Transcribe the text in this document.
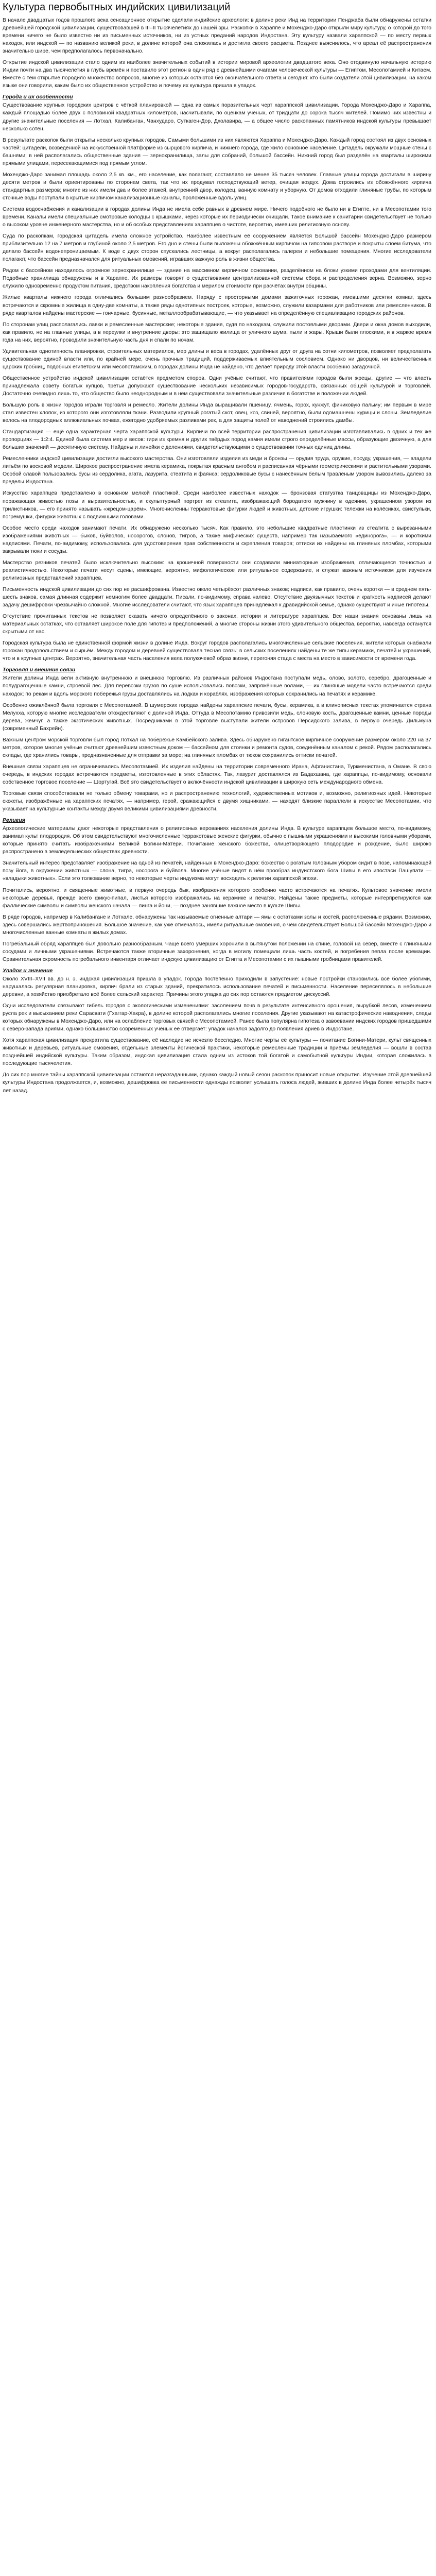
Культура первобытных индийских цивилизаций

В начале двадцатых годов прошлого века сенсационное открытие сделали индийские археологи: в долине реки Инд на территории Пенджаба были обнаружены остатки древнейшей городской цивилизации, существовавшей в III–II тысячелетиях до нашей эры. Раскопки в Хараппе и Мохенджо-Даро открыли миру культуру, о которой до того времени ничего не было известно ни из письменных источников, ни из устных преданий народов Индостана. Эту культуру назвали хараппской — по месту первых находок, или индской — по названию великой реки, в долине которой она сложилась и достигла своего расцвета. Позднее выяснилось, что ареал её распространения значительно шире, чем предполагалось первоначально.

Открытие индской цивилизации стало одним из наиболее значительных событий в истории мировой археологии двадцатого века. Оно отодвинуло начальную историю Индии почти на два тысячелетия в глубь времён и поставило этот регион в один ряд с древнейшими очагами человеческой культуры — Египтом, Месопотамией и Китаем. Вместе с тем открытие породило множество вопросов, многие из которых остаются без окончательного ответа и сегодня: кто были создатели этой цивилизации, на каком языке они говорили, каким было их общественное устройство и почему их культура пришла в упадок.

Города и их особенности

Существование крупных городских центров с чёткой планировкой — одна из самых поразительных черт хараппской цивилизации. Города Мохенджо-Даро и Хараппа, каждый площадью более двух с половиной квадратных километров, насчитывали, по оценкам учёных, от тридцати до сорока тысяч жителей. Помимо них известны и другие значительные поселения — Лотхал, Калибанган, Чанхударо, Суткаген-Дор, Дхолавира, — а общее число раскопанных памятников индской культуры превышает несколько сотен.

В результате раскопок были открыты несколько крупных городов. Самыми большими из них являются Хараппа и Мохенджо-Даро. Каждый город состоял из двух основных частей: цитадели, возведённой на искусственной платформе из сырцового кирпича, и нижнего города, где жило основное население. Цитадель окружали мощные стены с башнями; в ней располагались общественные здания — зернохранилища, залы для собраний, большой бассейн. Нижний город был разделён на кварталы широкими прямыми улицами, пересекающимися под прямым углом.

Мохенджо-Даро занимал площадь около 2,5 кв. км., его население, как полагают, составляло не менее 35 тысяч человек. Главные улицы города достигали в ширину десяти метров и были ориентированы по сторонам света, так что их продувал господствующий ветер, очищая воздух. Дома строились из обожжённого кирпича стандартных размеров; многие из них имели два и более этажей, внутренний двор, колодец, ванную комнату и уборную. От домов отходили глиняные трубы, по которым сточные воды поступали в крытые кирпичом канализационные каналы, проложенные вдоль улиц.

Система водоснабжения и канализации в городах долины Инда не имела себе равных в древнем мире. Ничего подобного не было ни в Египте, ни в Месопотамии того времени. Каналы имели специальные смотровые колодцы с крышками, через которые их периодически очищали. Такое внимание к санитарии свидетельствует не только о высоком уровне инженерного мастерства, но и об особых представлениях хараппцев о чистоте, вероятно, имевших религиозную основу.

Суда по раскопкам, городская цитадель имела сложное устройство. Наиболее известным её сооружением является Большой бассейн Мохенджо-Даро размером приблизительно 12 на 7 метров и глубиной около 2,5 метров. Его дно и стены были выложены обожжённым кирпичом на гипсовом растворе и покрыты слоем битума, что делало бассейн водонепроницаемым. К воде с двух сторон спускались лестницы, а вокруг располагались галереи и небольшие помещения. Многие исследователи полагают, что бассейн предназначался для ритуальных омовений, игравших важную роль в жизни общества.

Рядом с бассейном находилось огромное зернохранилище — здание на массивном кирпичном основании, разделённом на блоки узкими проходами для вентиляции. Подобные хранилища обнаружены и в Хараппе. Их размеры говорят о существовании централизованной системы сбора и распределения зерна. Возможно, зерно служило одновременно продуктом питания, средством накопления богатства и мерилом стоимости при расчётах внутри общины.

Жилые кварталы нижнего города отличались большим разнообразием. Наряду с просторными домами зажиточных горожан, имевшими десятки комнат, здесь встречаются и скромные жилища в одну-две комнаты, а также ряды однотипных построек, которые, возможно, служили казармами для работников или ремесленников. В ряде кварталов найдены мастерские — гончарные, бусинные, металлообрабатывающие, — что указывает на определённую специализацию городских районов.

По сторонам улиц располагались лавки и ремесленные мастерские; некоторые здания, судя по находкам, служили постоялыми дворами. Двери и окна домов выходили, как правило, не на главные улицы, а в переулки и внутренние дворы: это защищало жилища от уличного шума, пыли и жары. Крыши были плоскими, и в жаркое время года на них, вероятно, проводили значительную часть дня и спали по ночам.

Удивительная однотипность планировки, строительных материалов, мер длины и веса в городах, удалённых друг от друга на сотни километров, позволяет предполагать существование единой власти или, по крайней мере, очень прочных традиций, поддерживаемых влиятельным сословием. Однако ни дворцов, ни величественных царских гробниц, подобных египетским или месопотамским, в городах долины Инда не найдено, что делает природу этой власти особенно загадочной.

Общественное устройство индской цивилизации остаётся предметом споров. Одни учёные считают, что правителями городов были жрецы, другие — что власть принадлежала совету богатых купцов, третьи допускают существование нескольких независимых городов-государств, связанных общей культурой и торговлей. Достаточно очевидно лишь то, что общество было неоднородным и в нём существовали значительные различия в богатстве и положении людей.

Большую роль в жизни городов играли торговля и ремесло. Жители долины Инда выращивали пшеницу, ячмень, горох, кунжут, финиковую пальму; им первым в мире стал известен хлопок, из которого они изготовляли ткани. Разводили крупный рогатый скот, овец, коз, свиней, вероятно, были одомашнены курицы и слоны. Земледелие велось на плодородных аллювиальных почвах, ежегодно удобряемых разливами рек, а для защиты полей от наводнений строились дамбы.

Стандартизация — ещё одна характерная черта хараппской культуры. Кирпичи по всей территории распространения цивилизации изготавливались в одних и тех же пропорциях — 1:2:4. Единой была система мер и весов: гири из кремня и других твёрдых пород камня имели строго определённые массы, образующие двоичную, а для больших значений — десятичную систему. Найдены и линейки с делениями, свидетельствующими о существовании точных единиц длины.

Ремесленники индской цивилизации достигли высокого мастерства. Они изготовляли изделия из меди и бронзы — орудия труда, оружие, посуду, украшения, — владели литьём по восковой модели. Широкое распространение имела керамика, покрытая красным ангобом и расписанная чёрными геометрическими и растительными узорами. Особой славой пользовались бусы из сердолика, агата, лазурита, стеатита и фаянса; сердоликовые бусы с нанесённым белым травлёным узором вывозились далеко за пределы Индостана.

Искусство хараппцев представлено в основном мелкой пластикой. Среди наиболее известных находок — бронзовая статуэтка танцовщицы из Мохенджо-Даро, поражающая живостью позы и выразительностью, и скульптурный портрет из стеатита, изображающий бородатого мужчину в одеянии, украшенном узором из трилистников, — его принято называть «жрецом-царём». Многочисленны терракотовые фигурки людей и животных, детские игрушки: тележки на колёсиках, свистульки, погремушки, фигурки животных с подвижными головами.

Особое место среди находок занимают печати. Их обнаружено несколько тысяч. Как правило, это небольшие квадратные пластинки из стеатита с вырезанными изображениями животных — быков, буйволов, носорогов, слонов, тигров, а также мифических существ, например так называемого «единорога», — и короткими надписями. Печати, по-видимому, использовались для удостоверения прав собственности и скрепления товаров; оттиски их найдены на глиняных пломбах, которыми закрывали тюки и сосуды.

Мастерство резчиков печатей было исключительно высоким: на крошечной поверхности они создавали миниатюрные изображения, отличающиеся точностью и реалистичностью. Некоторые печати несут сцены, имеющие, вероятно, мифологическое или ритуальное содержание, и служат важным источником для изучения религиозных представлений хараппцев.

Письменность индской цивилизации до сих пор не расшифрована. Известно около четырёхсот различных знаков; надписи, как правило, очень коротки — в среднем пять-шесть знаков, самая длинная содержит немногим более двадцати. Писали, по-видимому, справа налево. Отсутствие двуязычных текстов и краткость надписей делают задачу дешифровки чрезвычайно сложной. Многие исследователи считают, что язык хараппцев принадлежал к дравидийской семье, однако существуют и иные гипотезы.

Отсутствие прочитанных текстов не позволяет сказать ничего определённого о законах, истории и литературе хараппцев. Все наши знания основаны лишь на материальных остатках, что оставляет широкое поле для гипотез и предположений, а многие стороны жизни этого удивительного общества, вероятно, навсегда останутся скрытыми от нас.

Городская культура была не единственной формой жизни в долине Инда. Вокруг городов располагались многочисленные сельские поселения, жители которых снабжали горожан продовольствием и сырьём. Между городом и деревней существовала тесная связь: в сельских поселениях найдены те же типы керамики, печатей и украшений, что и в крупных центрах. Вероятно, значительная часть населения вела полукочевой образ жизни, перегоняя стада с места на место в зависимости от времени года.

Торговля и внешние связи

Жители долины Инда вели активную внутреннюю и внешнюю торговлю. Из различных районов Индостана поступали медь, олово, золото, серебро, драгоценные и полудрагоценные камни, строевой лес. Для перевозки грузов по суше использовались повозки, запряжённые волами, — их глиняные модели часто встречаются среди находок; по рекам и вдоль морского побережья грузы доставлялись на лодках и кораблях, изображения которых сохранились на печатях и керамике.

Особенно оживлённой была торговля с Месопотамией. В шумерских городах найдены хараппские печати, бусы, керамика, а в клинописных текстах упоминается страна Мелухха, которую многие исследователи отождествляют с долиной Инда. Оттуда в Месопотамию привозили медь, слоновую кость, драгоценные камни, ценные породы дерева, жемчуг, а также экзотических животных. Посредниками в этой торговле выступали жители островов Персидского залива, в первую очередь Дильмуна (современный Бахрейн).

Важным центром морской торговли был город Лотхал на побережье Камбейского залива. Здесь обнаружено гигантское кирпичное сооружение размером около 220 на 37 метров, которое многие учёные считают древнейшим известным доком — бассейном для стоянки и ремонта судов, соединённым каналом с рекой. Рядом располагались склады, где хранились товары, предназначенные для отправки за море; на глиняных пломбах от тюков сохранились оттиски печатей.

Внешние связи хараппцев не ограничивались Месопотамией. Их изделия найдены на территории современного Ирана, Афганистана, Туркменистана, в Омане. В свою очередь, в индских городах встречаются предметы, изготовленные в этих областях. Так, лазурит доставлялся из Бадахшана, где хараппцы, по-видимому, основали собственное торговое поселение — Шортугай. Всё это свидетельствует о включённости индской цивилизации в широкую сеть международного обмена.

Торговые связи способствовали не только обмену товарами, но и распространению технологий, художественных мотивов и, возможно, религиозных идей. Некоторые сюжеты, изображённые на хараппских печатях, — например, герой, сражающийся с двумя хищниками, — находят близкие параллели в искусстве Месопотамии, что указывает на культурные контакты между двумя великими цивилизациями древности.

Религия

Археологические материалы дают некоторые представления о религиозных верованиях населения долины Инда. В культуре хараппцев большое место, по-видимому, занимал культ плодородия. Об этом свидетельствуют многочисленные терракотовые женские фигурки, обычно с пышными украшениями и высокими головными уборами, которые принято считать изображениями Великой Богини-Матери. Почитание женского божества, олицетворяющего плодородие и рождение, было широко распространено в земледельческих обществах древности.

Значительный интерес представляет изображение на одной из печатей, найденных в Мохенджо-Даро: божество с рогатым головным убором сидит в позе, напоминающей позу йога, в окружении животных — слона, тигра, носорога и буйвола. Многие учёные видят в нём прообраз индуистского бога Шивы в его ипостаси Пашупати — «владыки животных». Если это толкование верно, то некоторые черты индуизма могут восходить к религии хараппской эпохи.

Почитались, вероятно, и священные животные, в первую очередь бык, изображения которого особенно часто встречаются на печатях. Культовое значение имели некоторые деревья, прежде всего фикус-пипал, листья которого изображались на керамике и печатях. Найдены также предметы, которые интерпретируются как фаллические символы и символы женского начала — линга и йони, — позднее занявшие важное место в культе Шивы.

В ряде городов, например в Калибангане и Лотхале, обнаружены так называемые огненные алтари — ямы с остатками золы и костей, расположенные рядами. Возможно, здесь совершались жертвоприношения. Большое значение, как уже отмечалось, имели ритуальные омовения, о чём свидетельствует Большой бассейн Мохенджо-Даро и многочисленные ванные комнаты в жилых домах.

Погребальный обряд хараппцев был довольно разнообразным. Чаще всего умерших хоронили в вытянутом положении на спине, головой на север, вместе с глиняными сосудами и личными украшениями. Встречаются также вторичные захоронения, когда в могилу помещали лишь часть костей, и погребения пепла после кремации. Сравнительная скромность погребального инвентаря отличает индскую цивилизацию от Египта и Месопотамии с их пышными гробницами правителей.

Упадок и значение

Около XVIII–XVII вв. до н. э. индская цивилизация пришла в упадок. Города постепенно приходили в запустение: новые постройки становились всё более убогими, нарушалась регулярная планировка, кирпич брали из старых зданий, прекратилось использование печатей и письменности. Население переселялось в небольшие деревни, а хозяйство приобретало всё более сельский характер. Причины этого упадка до сих пор остаются предметом дискуссий.

Одни исследователи связывают гибель городов с экологическими изменениями: засолением почв в результате интенсивного орошения, вырубкой лесов, изменением русла рек и высыханием реки Сарасвати (Гхаггар-Хакра), в долине которой располагались многие поселения. Другие указывают на катастрофические наводнения, следы которых обнаружены в Мохенджо-Даро, или на ослабление торговых связей с Месопотамией. Ранее была популярна гипотеза о завоевании индских городов пришедшими с северо-запада ариями, однако большинство современных учёных её отвергает: упадок начался задолго до появления ариев в Индостане.

Хотя хараппская цивилизация прекратила существование, её наследие не исчезло бесследно. Многие черты её культуры — почитание Богини-Матери, культ священных животных и деревьев, ритуальные омовения, отдельные элементы йогической практики, некоторые ремесленные традиции и приёмы земледелия — вошли в состав позднейшей индийской культуры. Таким образом, индская цивилизация стала одним из истоков той богатой и самобытной культуры Индии, которая сложилась в последующие тысячелетия.

До сих пор многие тайны хараппской цивилизации остаются неразгаданными, однако каждый новый сезон раскопок приносит новые открытия. Изучение этой древнейшей культуры Индостана продолжается, и, возможно, дешифровка её письменности однажды позволит услышать голоса людей, живших в долине Инда более четырёх тысяч лет назад.
